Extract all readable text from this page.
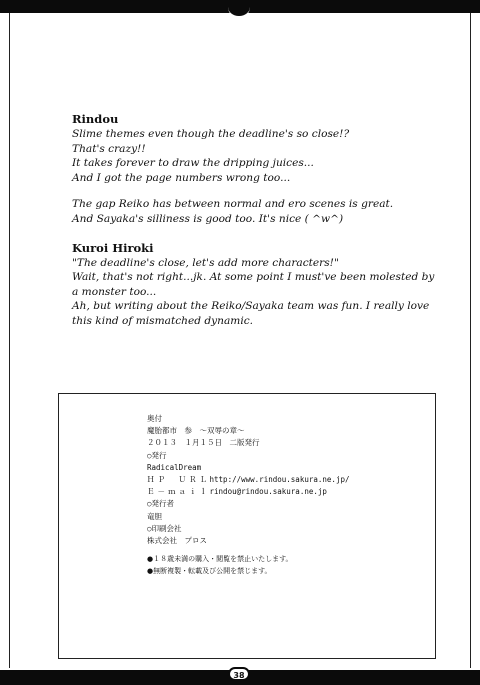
Rindou

Slime themes even though the deadline's so close!?

That's crazy!!

It takes forever to draw the dripping juices...

And I got the page numbers wrong too...

The gap Reiko has between normal and ero scenes is great.

And Sayaka's silliness is good too. It's nice ( ^w^)

Kuroi Hiroki

"The deadline's close, let's add more characters!"

Wait, that's not right...jk. At some point I must've been molested by

a monster too...

Ah, but writing about the Reiko/Sayaka team was fun. I really love

this kind of mismatched dynamic.

奥付

魔胎都市　参　〜双辱の章〜

２０１３　１月１５日　二版発行

○発行

RadicalDream

ＨＰ　ＵＲＬ http://www.rindou.sakura.ne.jp/

Ｅ－ｍａｉｌ rindou@rindou.sakura.ne.jp

○発行者

竜胆

○印刷会社

株式会社　プロス

●１８歳未満の購入・閲覧を禁止いたします。

●無断複製・転載及び公開を禁じます。

38
